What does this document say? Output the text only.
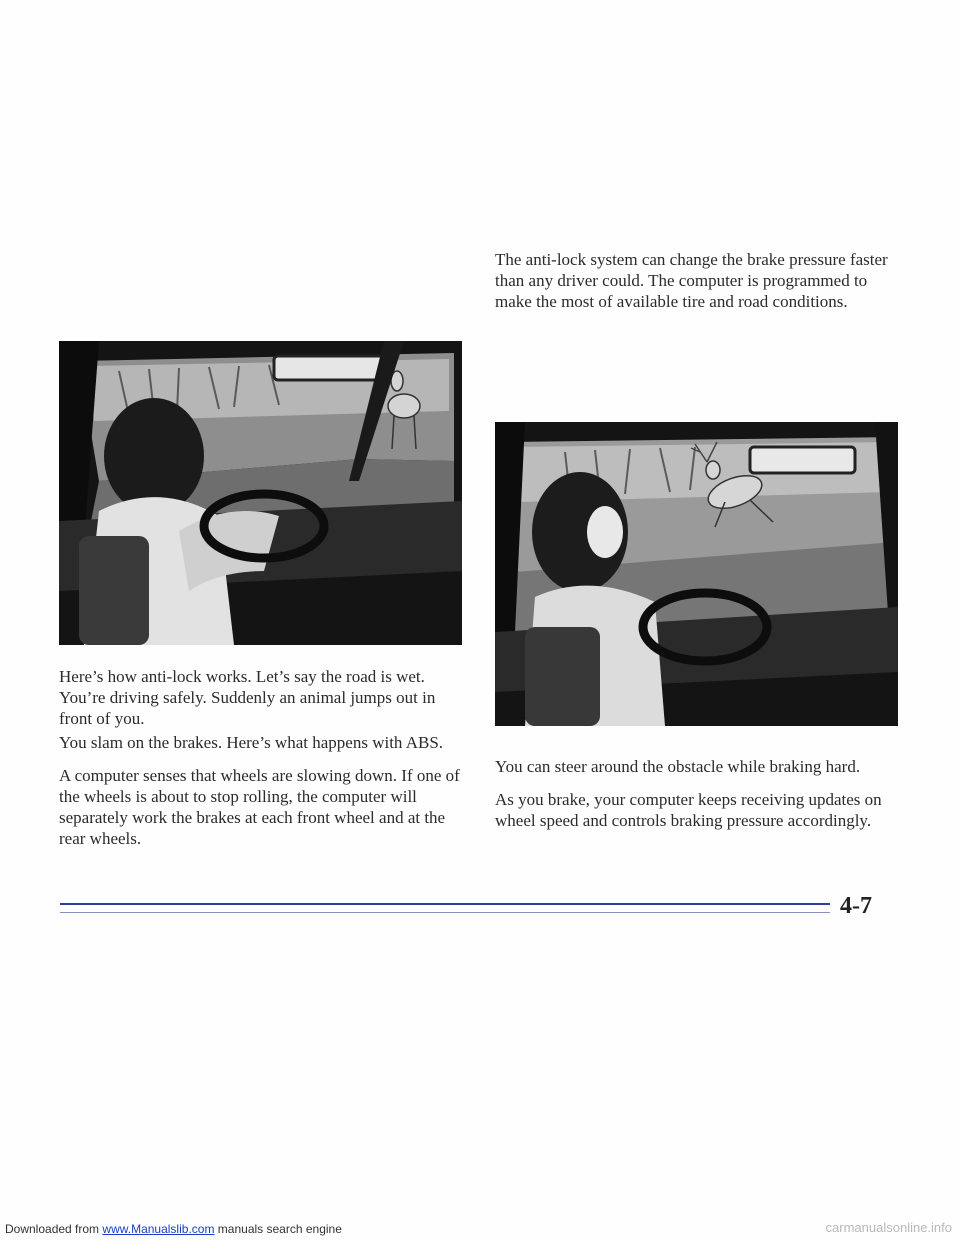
The anti-lock system can change the brake pressure faster than any driver could. The computer is programmed to make the most of available tire and road conditions.

Here’s how anti-lock works. Let’s say the road is wet. You’re driving safely. Suddenly an animal jumps out in front of you.

You slam on the brakes. Here’s what happens with ABS.

A computer senses that wheels are slowing down. If one of the wheels is about to stop rolling, the computer will separately work the brakes at each front wheel and at the rear wheels.

You can steer around the obstacle while braking hard.

As you brake, your computer keeps receiving updates on wheel speed and controls braking pressure accordingly.

4-7
Downloaded from www.Manualslib.com manuals search engine	carmanualsonline.info
